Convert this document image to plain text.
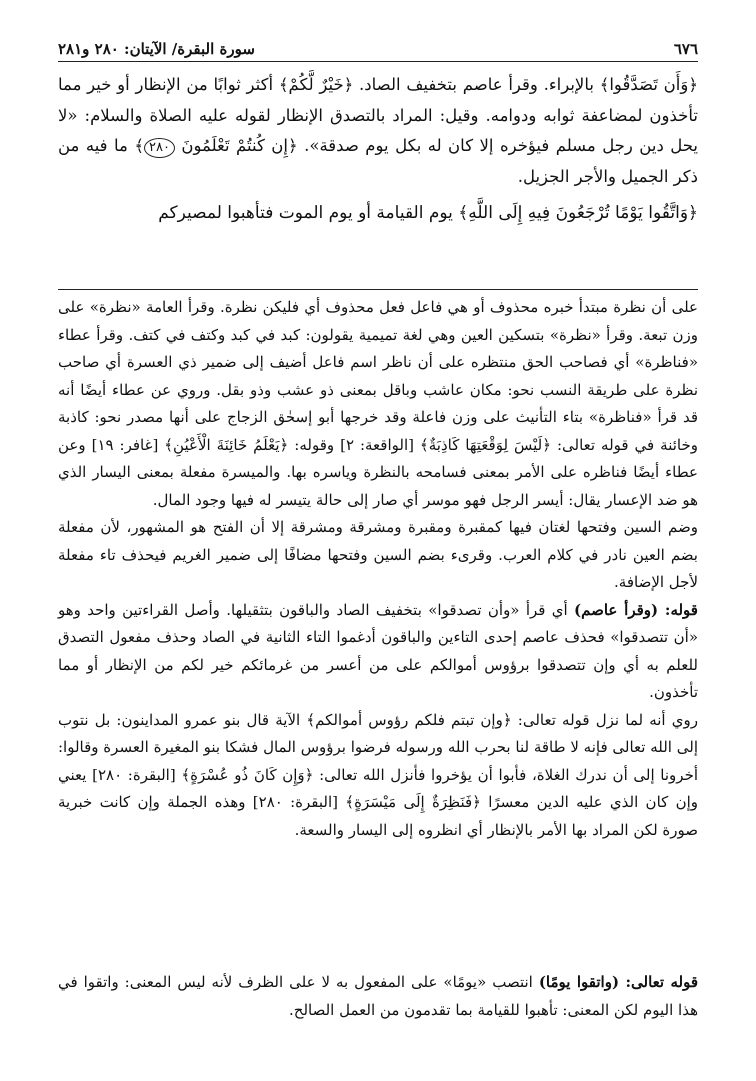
٦٧٦
سورة البقرة/ الآيتان: ٢٨٠ و٢٨١

﴿وَأَن تَصَدَّقُوا﴾ بالإبراء. وقرأ عاصم بتخفيف الصاد. ﴿خَيْرٌ لَّكُمْ﴾ أكثر ثوابًا من الإنظار أو خير مما تأخذون لمضاعفة ثوابه ودوامه. وقيل: المراد بالتصدق الإنظار لقوله عليه الصلاة والسلام: «لا يحل دين رجل مسلم فيؤخره إلا كان له بكل يوم صدقة». ﴿إِن كُنتُمْ تَعْلَمُونَ ٢٨٠﴾ ما فيه من ذكر الجميل والأجر الجزيل.

﴿وَاتَّقُوا يَوْمًا تُرْجَعُونَ فِيهِ إِلَى اللَّهِ﴾ يوم القيامة أو يوم الموت فتأهبوا لمصيركم

على أن نظرة مبتدأ خبره محذوف أو هي فاعل فعل محذوف أي فليكن نظرة. وقرأ العامة «نظرة» على وزن تبعة. وقرأ «نظرة» بتسكين العين وهي لغة تميمية يقولون: كبد في كبد وكتف في كتف. وقرأ عطاء «فناظرة» أي فصاحب الحق منتظره على أن ناظر اسم فاعل أضيف إلى ضمير ذي العسرة أي صاحب نظرة على طريقة النسب نحو: مكان عاشب وباقل بمعنى ذو عشب وذو بقل. وروي عن عطاء أيضًا أنه قد قرأ «فناظرة» بتاء التأنيث على وزن فاعلة وقد خرجها أبو إسحٰق الزجاج على أنها مصدر نحو: كاذبة وخائنة في قوله تعالى: ﴿لَيْسَ لِوَقْعَتِهَا كَاذِبَةٌ﴾ [الواقعة: ٢] وقوله: ﴿يَعْلَمُ خَائِنَةَ الْأَعْيُنِ﴾ [غافر: ١٩] وعن عطاء أيضًا فناظره على الأمر بمعنى فسامحه بالنظرة وياسره بها. والميسرة مفعلة بمعنى اليسار الذي هو ضد الإعسار يقال: أيسر الرجل فهو موسر أي صار إلى حالة يتيسر له فيها وجود المال.

وضم السين وفتحها لغتان فيها كمقبرة ومقبرة ومشرقة ومشرقة إلا أن الفتح هو المشهور، لأن مفعلة بضم العين نادر في كلام العرب. وقرىء بضم السين وفتحها مضافًا إلى ضمير الغريم فيحذف تاء مفعلة لأجل الإضافة.

قوله: (وقرأ عاصم) أي قرأ «وأن تصدقوا» بتخفيف الصاد والباقون بتثقيلها. وأصل القراءتين واحد وهو «أن تتصدقوا» فحذف عاصم إحدى التاءين والباقون أدغموا التاء الثانية في الصاد وحذف مفعول التصدق للعلم به أي وإن تتصدقوا برؤوس أموالكم على من أعسر من غرمائكم خير لكم من الإنظار أو مما تأخذون.

روي أنه لما نزل قوله تعالى: ﴿وإن تبتم فلكم رؤوس أموالكم﴾ الآية قال بنو عمرو المداينون: بل نتوب إلى الله تعالى فإنه لا طاقة لنا بحرب الله ورسوله فرضوا برؤوس المال فشكا بنو المغيرة العسرة وقالوا: أخرونا إلى أن ندرك الغلاة، فأبوا أن يؤخروا فأنزل الله تعالى: ﴿وَإِن كَانَ ذُو عُسْرَةٍ﴾ [البقرة: ٢٨٠] يعني وإن كان الذي عليه الدين معسرًا ﴿فَنَظِرَةٌ إِلَى مَيْسَرَةٍ﴾ [البقرة: ٢٨٠] وهذه الجملة وإن كانت خبرية صورة لكن المراد بها الأمر بالإنظار أي انظروه إلى اليسار والسعة.

قوله تعالى: (واتقوا يومًا) انتصب «يومًا» على المفعول به لا على الظرف لأنه ليس المعنى: واتقوا في هذا اليوم لكن المعنى: تأهبوا للقيامة بما تقدمون من العمل الصالح.
